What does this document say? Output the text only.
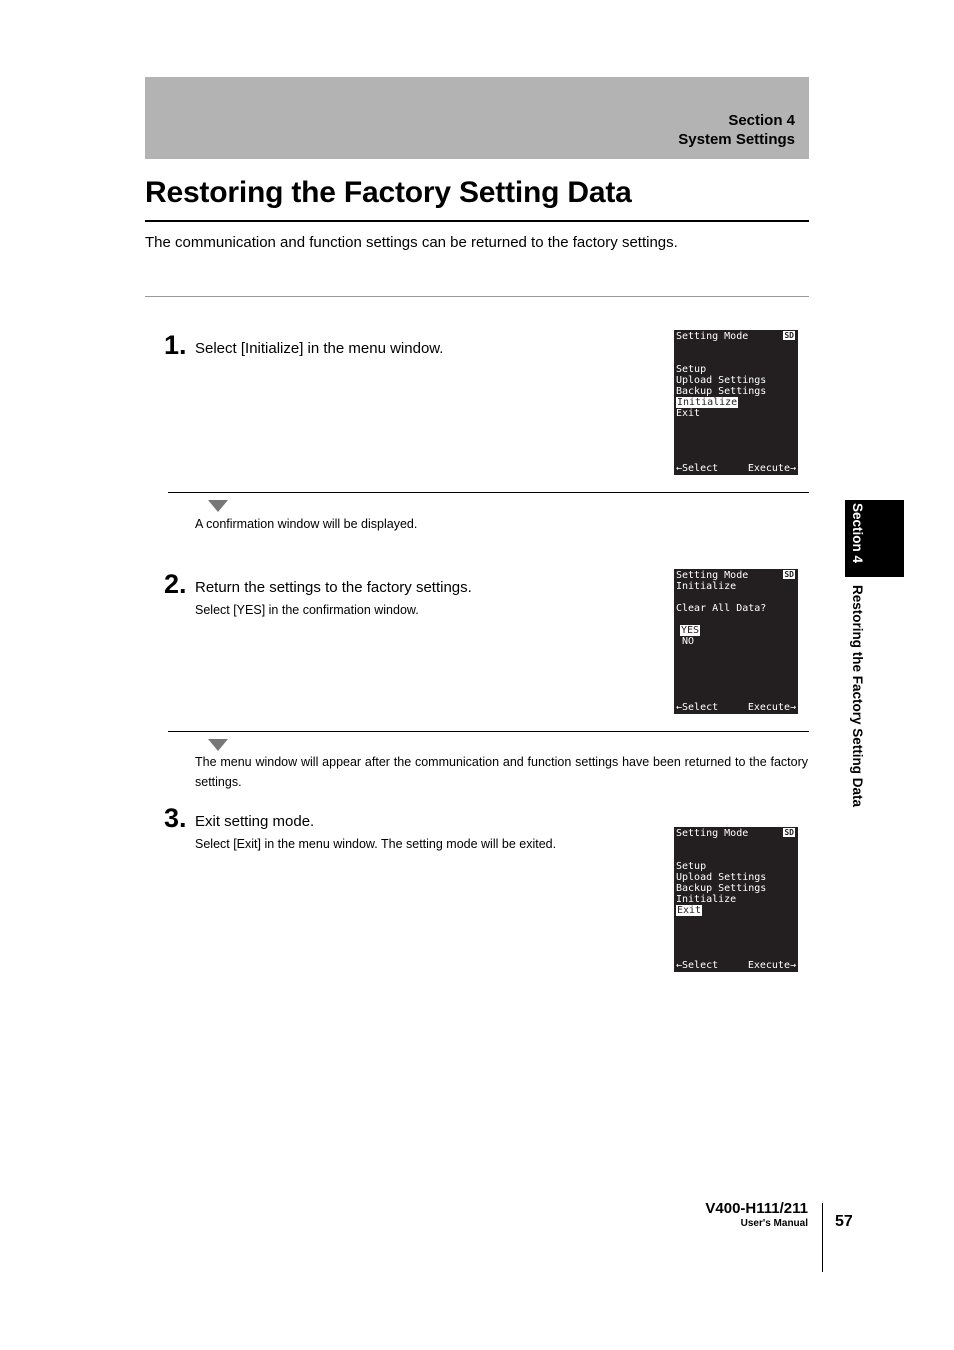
Section 4
System Settings
Restoring the Factory Setting Data
The communication and function settings can be returned to the factory settings.
1. Select [Initialize] in the menu window.
Setting Mode	SD
Setup
Upload Settings
Backup Settings
Initialize
Exit
←Select	Execute→
A confirmation window will be displayed.
2. Return the settings to the factory settings.
Select [YES] in the confirmation window.
Setting Mode	SD
Initialize
Clear All Data?
YES
NO
←Select	Execute→
The menu window will appear after the communication and function settings have been returned to the factory settings.
3. Exit setting mode.
Select [Exit] in the menu window. The setting mode will be exited.
Setting Mode	SD
Setup
Upload Settings
Backup Settings
Initialize
Exit
←Select	Execute→
Section 4Restoring the Factory Setting Data
V400-H111/211
User's Manual 57
